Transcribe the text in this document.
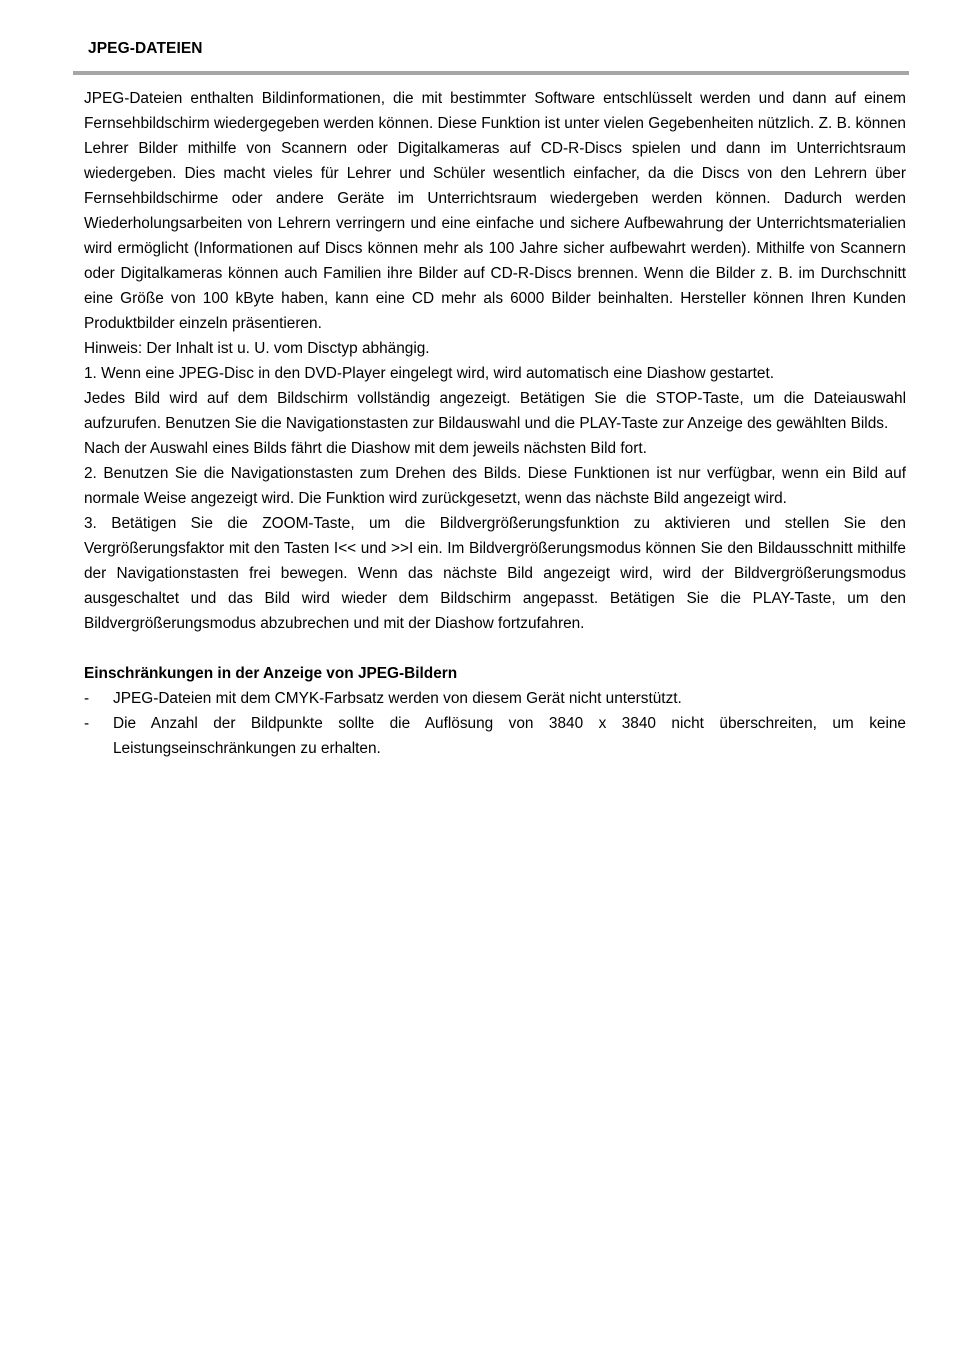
JPEG-DATEIEN

JPEG-Dateien enthalten Bildinformationen, die mit bestimmter Software entschlüsselt werden und dann auf einem Fernsehbildschirm wiedergegeben werden können. Diese Funktion ist unter vielen Gegebenheiten nützlich. Z. B. können Lehrer Bilder mithilfe von Scannern oder Digitalkameras auf CD-R-Discs spielen und dann im Unterrichtsraum wiedergeben. Dies macht vieles für Lehrer und Schüler wesentlich einfacher, da die Discs von den Lehrern über Fernsehbildschirme oder andere Geräte im Unterrichtsraum wiedergeben werden können. Dadurch werden Wiederholungsarbeiten von Lehrern verringern und eine einfache und sichere Aufbewahrung der Unterrichtsmaterialien wird ermöglicht (Informationen auf Discs können mehr als 100 Jahre sicher aufbewahrt werden). Mithilfe von Scannern oder Digitalkameras können auch Familien ihre Bilder auf CD-R-Discs brennen. Wenn die Bilder z. B. im Durchschnitt eine Größe von 100 kByte haben, kann eine CD mehr als 6000 Bilder beinhalten. Hersteller können Ihren Kunden Produktbilder einzeln präsentieren.

Hinweis: Der Inhalt ist u. U. vom Disctyp abhängig.

1. Wenn eine JPEG-Disc in den DVD-Player eingelegt wird, wird automatisch eine Diashow gestartet.

Jedes Bild wird auf dem Bildschirm vollständig angezeigt. Betätigen Sie die STOP-Taste, um die Dateiauswahl aufzurufen. Benutzen Sie die Navigationstasten zur Bildauswahl und die PLAY-Taste zur Anzeige des gewählten Bilds.

Nach der Auswahl eines Bilds fährt die Diashow mit dem jeweils nächsten Bild fort.

2. Benutzen Sie die Navigationstasten zum Drehen des Bilds. Diese Funktionen ist nur verfügbar, wenn ein Bild auf normale Weise angezeigt wird. Die Funktion wird zurückgesetzt, wenn das nächste Bild angezeigt wird.

3. Betätigen Sie die ZOOM-Taste, um die Bildvergrößerungsfunktion zu aktivieren und stellen Sie den Vergrößerungsfaktor mit den Tasten I<< und >>I ein. Im Bildvergrößerungsmodus können Sie den Bildausschnitt mithilfe der Navigationstasten frei bewegen. Wenn das nächste Bild angezeigt wird, wird der Bildvergrößerungsmodus ausgeschaltet und das Bild wird wieder dem Bildschirm angepasst. Betätigen Sie die PLAY-Taste, um den Bildvergrößerungsmodus abzubrechen und mit der Diashow fortzufahren.

Einschränkungen in der Anzeige von JPEG-Bildern

-	JPEG-Dateien mit dem CMYK-Farbsatz werden von diesem Gerät nicht unterstützt.
-	Die Anzahl der Bildpunkte sollte die Auflösung von 3840 x 3840 nicht überschreiten, um keine Leistungseinschränkungen zu erhalten.
